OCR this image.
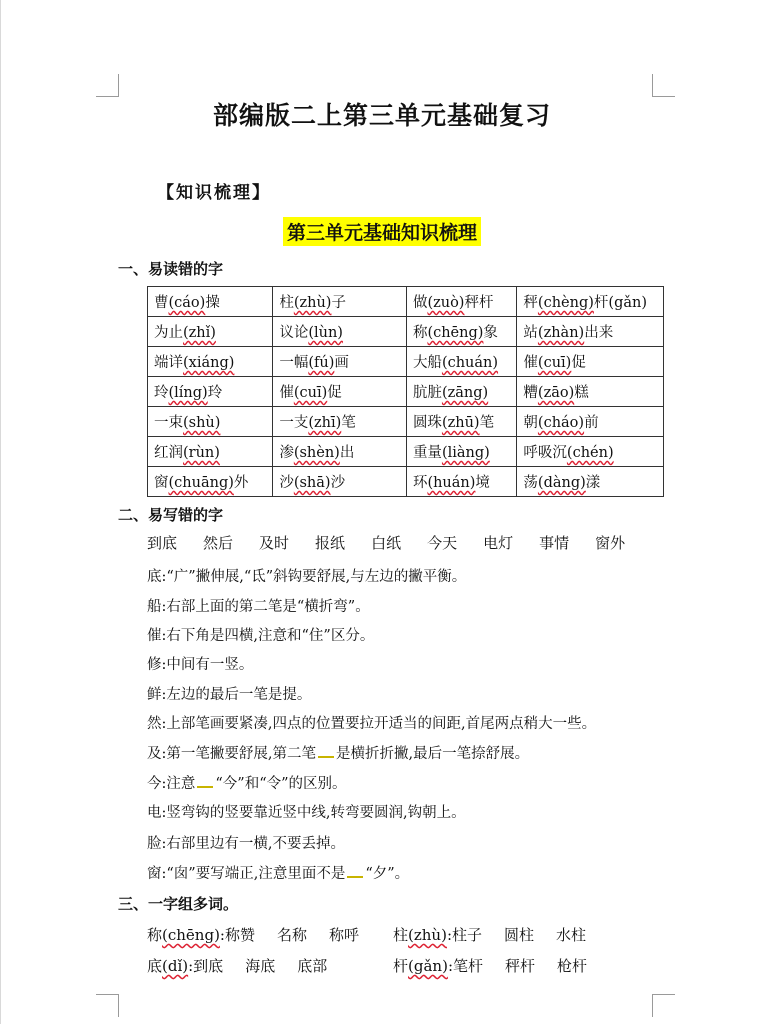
部编版二上第三单元基础复习
【知识梳理】
第三单元基础知识梳理
一、易读错的字
曹(cáo)操	柱(zhù)子	做(zuò)秤杆	秤(chèng)杆(gǎn)
为止(zhǐ)	议论(lùn)	称(chēng)象	站(zhàn)出来
端详(xiáng)	一幅(fú)画	大船(chuán)	催(cuī)促
玲(líng)玲	催(cuī)促	肮脏(zāng)	糟(zāo)糕
一束(shù)	一支(zhī)笔	圆珠(zhū)笔	朝(cháo)前
红润(rùn)	渗(shèn)出	重量(liàng)	呼吸沉(chén)
窗(chuāng)外	沙(shā)沙	环(huán)境	荡(dàng)漾
二、易写错的字
到底 然后 及时 报纸 白纸 今天 电灯 事情 窗外
底:“广”撇伸展,“氐”斜钩要舒展,与左边的撇平衡。
船:右部上面的第二笔是“横折弯”。
催:右下角是四横,注意和“住”区分。
修:中间有一竖。
鲜:左边的最后一笔是提。
然:上部笔画要紧凑,四点的位置要拉开适当的间距,首尾两点稍大一些。
及:第一笔撇要舒展,第二笔 是横折折撇,最后一笔捺舒展。
今:注意 “今”和“令”的区别。
电:竖弯钩的竖要靠近竖中线,转弯要圆润,钩朝上。
脸:右部里边有一横,不要丢掉。
窗:“囱”要写端正,注意里面不是 “夕”。
三、一字组多词。
称(chēng):称赞 名称 称呼 柱(zhù):柱子 圆柱 水柱
底(dǐ):到底 海底 底部	杆(gǎn):笔杆 秤杆 枪杆
